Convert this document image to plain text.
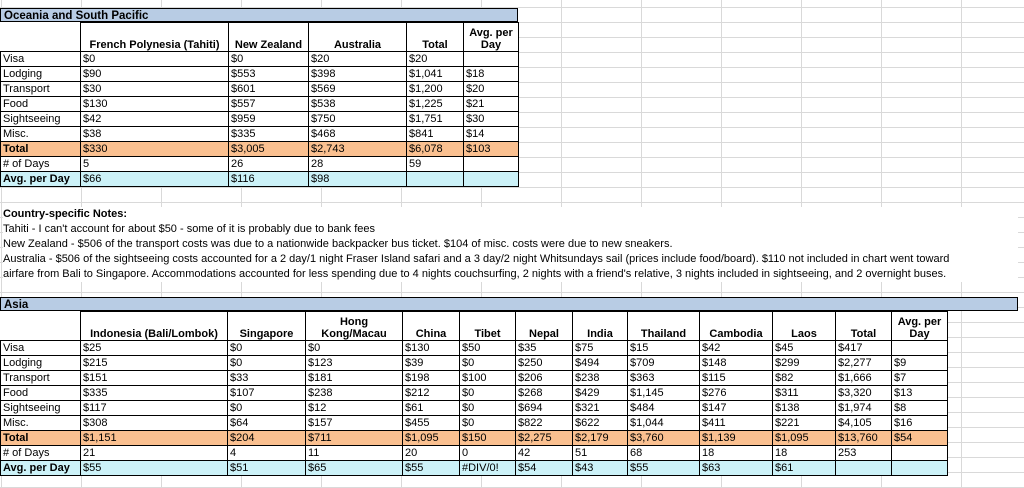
Oceania and South Pacific
	French Polynesia (Tahiti)	New Zealand	Australia	Total	Avg. per Day
Visa	$0	$0	$20	$20	
Lodging	$90	$553	$398	$1,041	$18
Transport	$30	$601	$569	$1,200	$20
Food	$130	$557	$538	$1,225	$21
Sightseeing	$42	$959	$750	$1,751	$30
Misc.	$38	$335	$468	$841	$14
Total	$330	$3,005	$2,743	$6,078	$103
# of Days	5	26	28	59	
Avg. per Day	$66	$116	$98		
Country-specific Notes:
Tahiti - I can't account for about $50 - some of it is probably due to bank fees
New Zealand - $506 of the transport costs was due to a nationwide backpacker bus ticket. $104 of misc. costs were due to new sneakers.
Australia - $506 of the sightseeing costs accounted for a 2 day/1 night Fraser Island safari and a 3 day/2 night Whitsundays sail (prices include food/board). $110 not included in chart went toward
airfare from Bali to Singapore. Accommodations accounted for less spending due to 4 nights couchsurfing, 2 nights with a friend's relative, 3 nights included in sightseeing, and 2 overnight buses.
Asia
	Indonesia (Bali/Lombok)	Singapore	Hong Kong/Macau	China	Tibet	Nepal	India	Thailand	Cambodia	Laos	Total	Avg. per Day
Visa	$25	$0	$0	$130	$50	$35	$75	$15	$42	$45	$417	
Lodging	$215	$0	$123	$39	$0	$250	$494	$709	$148	$299	$2,277	$9
Transport	$151	$33	$181	$198	$100	$206	$238	$363	$115	$82	$1,666	$7
Food	$335	$107	$238	$212	$0	$268	$429	$1,145	$276	$311	$3,320	$13
Sightseeing	$117	$0	$12	$61	$0	$694	$321	$484	$147	$138	$1,974	$8
Misc.	$308	$64	$157	$455	$0	$822	$622	$1,044	$411	$221	$4,105	$16
Total	$1,151	$204	$711	$1,095	$150	$2,275	$2,179	$3,760	$1,139	$1,095	$13,760	$54
# of Days	21	4	11	20	0	42	51	68	18	18	253	
Avg. per Day	$55	$51	$65	$55	#DIV/0!	$54	$43	$55	$63	$61		
